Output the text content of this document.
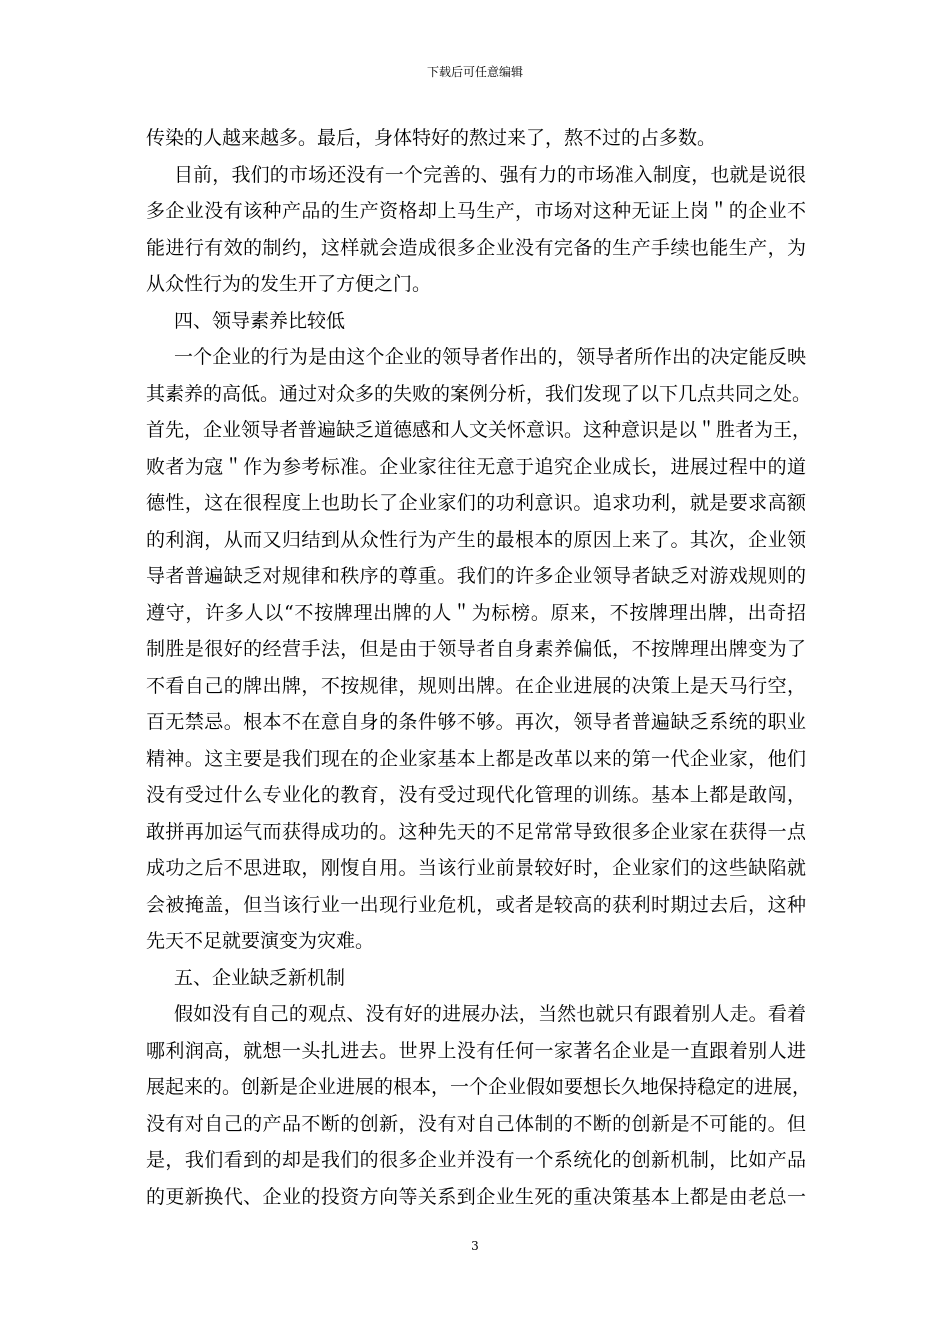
下载后可任意编辑
传染的人越来越多。最后，身体特好的熬过来了，熬不过的占多数。
目前，我们的市场还没有一个完善的、强有力的市场准入制度，也就是说很
多企业没有该种产品的生产资格却上马生产，市场对这种无证上岗＂的企业不
能进行有效的制约，这样就会造成很多企业没有完备的生产手续也能生产，为
从众性行为的发生开了方便之门。
四、领导素养比较低
一个企业的行为是由这个企业的领导者作出的，领导者所作出的决定能反映
其素养的高低。通过对众多的失败的案例分析，我们发现了以下几点共同之处。
首先，企业领导者普遍缺乏道德感和人文关怀意识。这种意识是以＂胜者为王，
败者为寇＂作为参考标准。企业家往往无意于追究企业成长，进展过程中的道
德性，这在很程度上也助长了企业家们的功利意识。追求功利，就是要求高额
的利润，从而又归结到从众性行为产生的最根本的原因上来了。其次，企业领
导者普遍缺乏对规律和秩序的尊重。我们的许多企业领导者缺乏对游戏规则的
遵守，许多人以“不按牌理出牌的人＂为标榜。原来，不按牌理出牌，出奇招
制胜是很好的经营手法，但是由于领导者自身素养偏低，不按牌理出牌变为了
不看自己的牌出牌，不按规律，规则出牌。在企业进展的决策上是天马行空，
百无禁忌。根本不在意自身的条件够不够。再次，领导者普遍缺乏系统的职业
精神。这主要是我们现在的企业家基本上都是改革以来的第一代企业家，他们
没有受过什么专业化的教育，没有受过现代化管理的训练。基本上都是敢闯，
敢拼再加运气而获得成功的。这种先天的不足常常导致很多企业家在获得一点
成功之后不思进取，刚愎自用。当该行业前景较好时，企业家们的这些缺陷就
会被掩盖，但当该行业一出现行业危机，或者是较高的获利时期过去后，这种
先天不足就要演变为灾难。
五、企业缺乏新机制
假如没有自己的观点、没有好的进展办法，当然也就只有跟着别人走。看着
哪利润高，就想一头扎进去。世界上没有任何一家著名企业是一直跟着别人进
展起来的。创新是企业进展的根本，一个企业假如要想长久地保持稳定的进展，
没有对自己的产品不断的创新，没有对自己体制的不断的创新是不可能的。但
是，我们看到的却是我们的很多企业并没有一个系统化的创新机制，比如产品
的更新换代、企业的投资方向等关系到企业生死的重决策基本上都是由老总一
3
